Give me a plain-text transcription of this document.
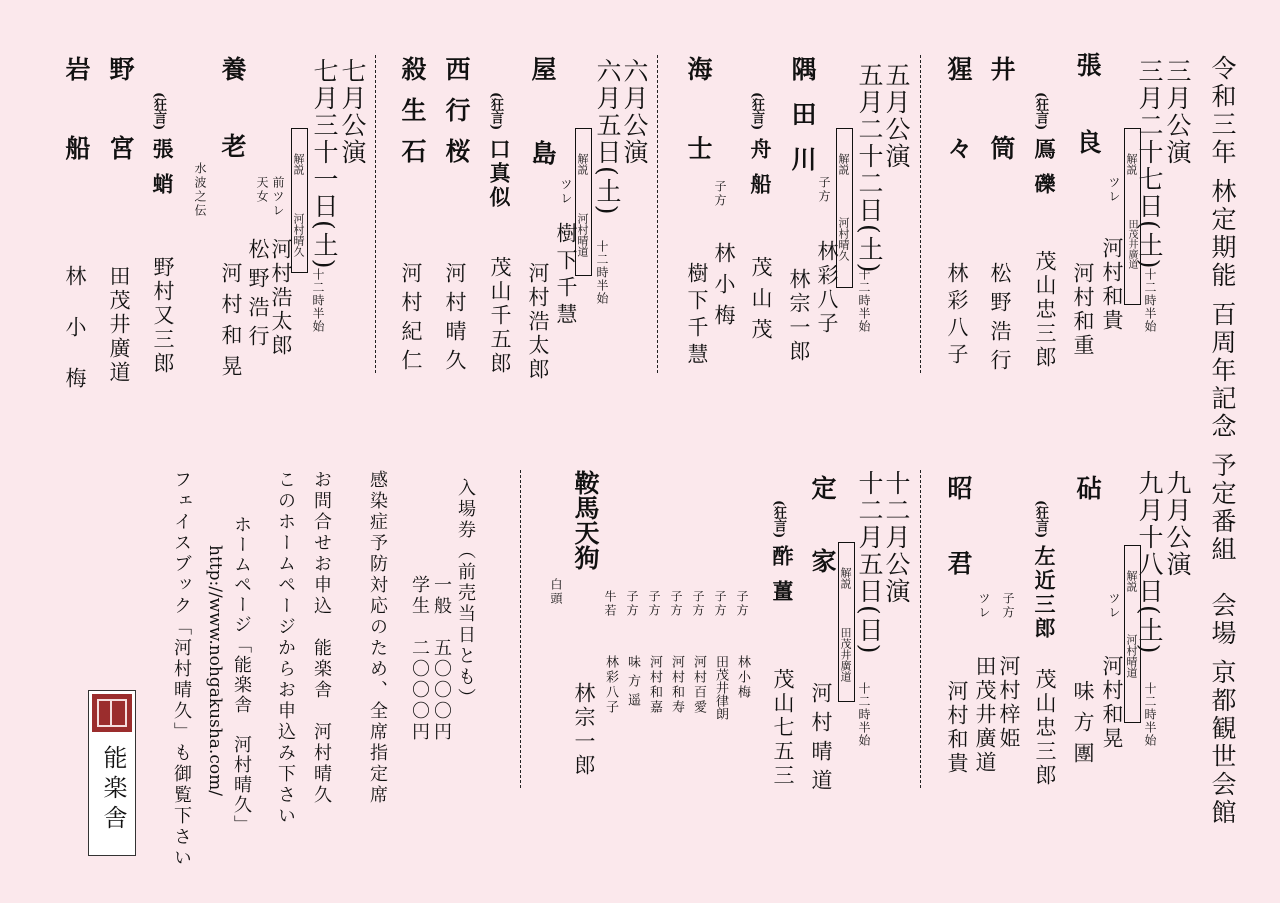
令和三年 林定期能 百周年記念 予定番組　会場 京都観世会館
三月公演
三月二十七日(土)
解説
田茂井廣道
十二時半始
張良 ツレ
河村和貴
河村和重
(狂言)
鳫礫
茂山忠三郎
井筒
松野浩行
猩々
林彩八子
五月公演
五月二十二日(土)
解説
河村晴久
十二時半始
隅田川 子方
林彩八子
林宗一郎
(狂言)
舟船
茂山茂
海士 子方
林小梅
樹下千慧
六月公演
六月五日(土)
解説
河村晴道
十二時半始
屋
島
ツレ
樹下千慧
河村浩太郎
(狂言)
口真似
茂山千五郎
西行桜
河村晴久
殺生石
河村紀仁
七月公演
七月三十一日(土)
解説
河村晴久
十二時半始
前ツレ
天女
河村浩太郎
松野浩行
養老
水波之伝
河村和晃
(狂言)
張蛸
野村又三郎
野宮
田茂井廣道
岩船
林小梅
九月公演
九月十八日(土)
解説
河村晴道
十二時半始
砧
ツレ
河村和晃
味方團
(狂言)
左近三郎
茂山忠三郎
昭君 子方
ツレ
河村梓姫
田茂井廣道
河村和貴
十二月公演
十二月五日(日)
解説
田茂井廣道
十二時半始
定家
河村晴道
(狂言)
酢薑
茂山七五三
子方
子方
子方
子方
子方
子方
牛若
林小梅
田茂井律朗
河村百愛
河村和寿
河村和嘉
味方遥
林彩八子
鞍馬天狗
白頭
林宗一郎
入場券（前売当日とも）
一般　五〇〇〇円
学生　二〇〇〇円
感染症予防対応のため、全席指定席
お問合せお申込　能楽舎　河村晴久
このホームページからお申込み下さい
ホームページ「能楽舎　河村晴久」
http://www.nohgakusha.com/
フェイスブック「河村晴久」も御覧下さい
能楽舎
